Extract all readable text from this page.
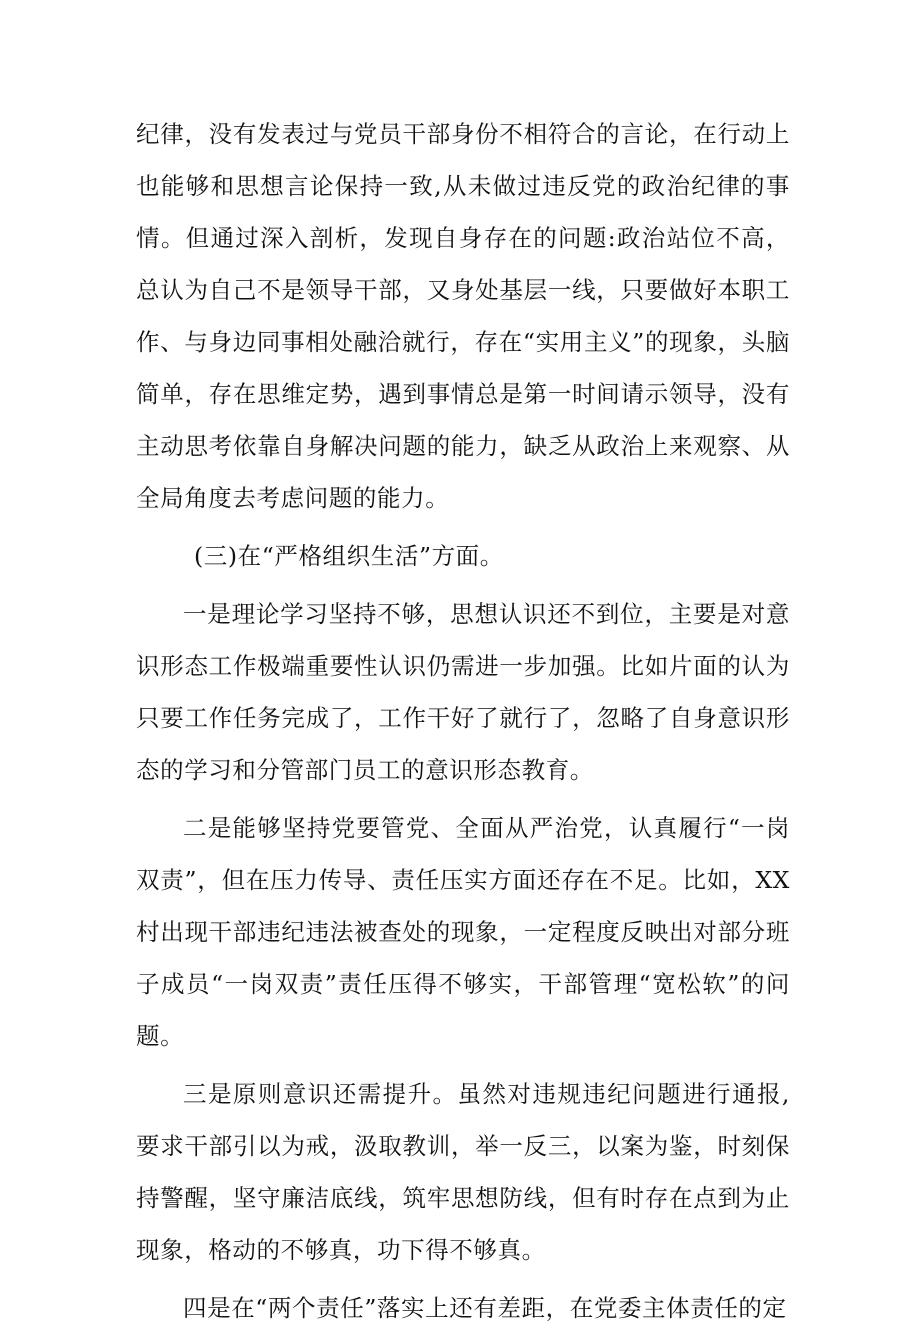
纪律，没有发表过与党员干部身份不相符合的言论，在行动上也能够和思想言论保持一致,从未做过违反党的政治纪律的事情。但通过深入剖析，发现自身存在的问题:政治站位不高，总认为自己不是领导干部，又身处基层一线，只要做好本职工作、与身边同事相处融洽就行，存在“实用主义”的现象，头脑简单，存在思维定势，遇到事情总是第一时间请示领导，没有主动思考依靠自身解决问题的能力，缺乏从政治上来观察、从全局角度去考虑问题的能力。

(三)在“严格组织生活”方面。

一是理论学习坚持不够，思想认识还不到位，主要是对意识形态工作极端重要性认识仍需进一步加强。比如片面的认为只要工作任务完成了，工作干好了就行了，忽略了自身意识形态的学习和分管部门员工的意识形态教育。

二是能够坚持党要管党、全面从严治党，认真履行“一岗双责”，但在压力传导、责任压实方面还存在不足。比如，XX村出现干部违纪违法被查处的现象，一定程度反映出对部分班子成员“一岗双责”责任压得不够实，干部管理“宽松软”的问题。

三是原则意识还需提升。虽然对违规违纪问题进行通报,要求干部引以为戒，汲取教训，举一反三，以案为鉴，时刻保持警醒，坚守廉洁底线，筑牢思想防线，但有时存在点到为止现象，格动的不够真，功下得不够真。

四是在“两个责任”落实上还有差距，在党委主体责任的定
